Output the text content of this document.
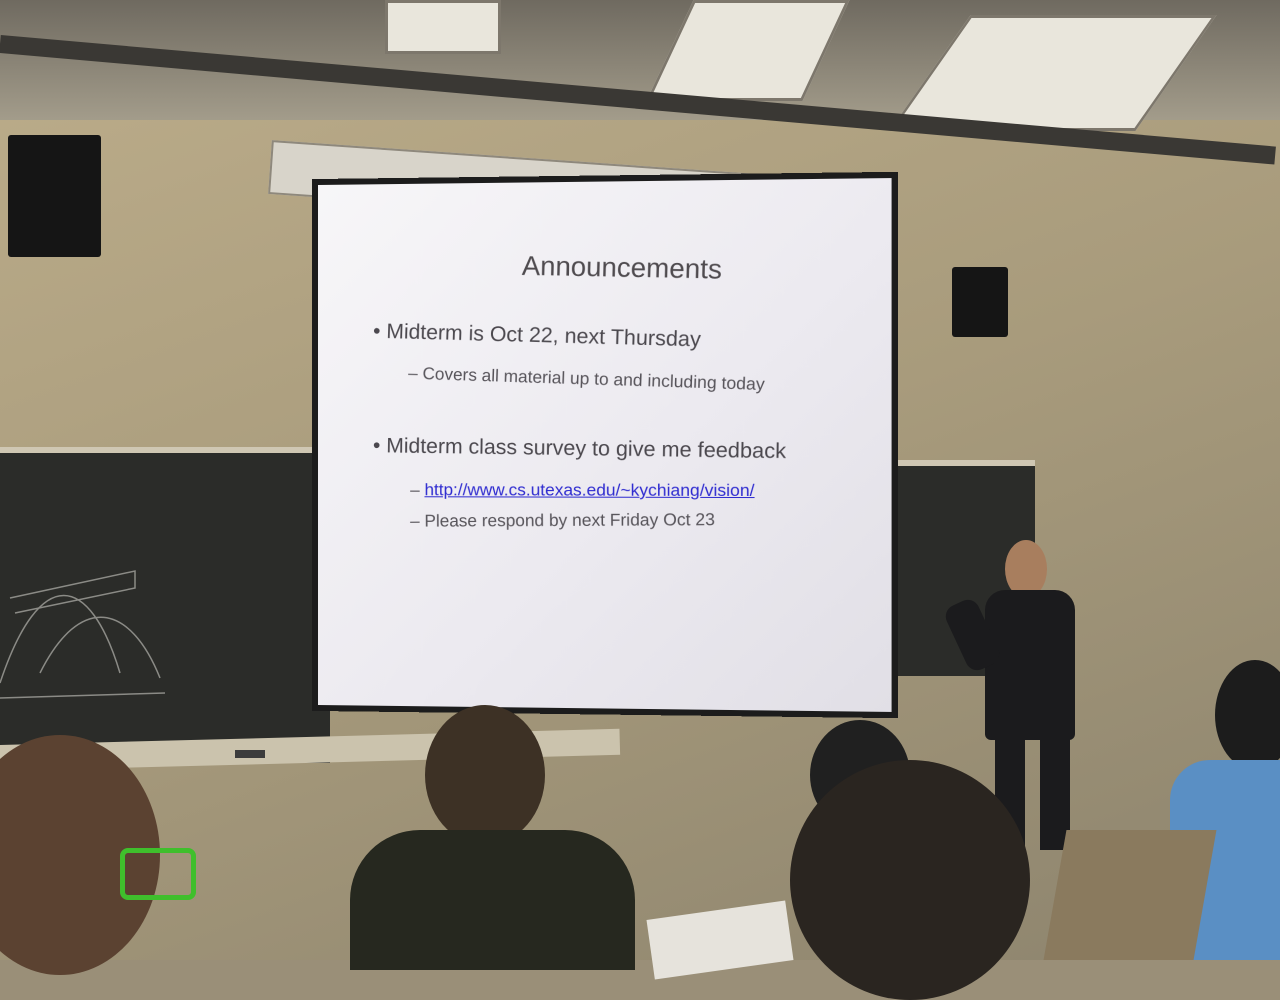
Announcements
• Midterm is Oct 22, next Thursday
– Covers all material up to and including today
• Midterm class survey to give me feedback
– http://www.cs.utexas.edu/~kychiang/vision/
– Please respond by next Friday Oct 23
